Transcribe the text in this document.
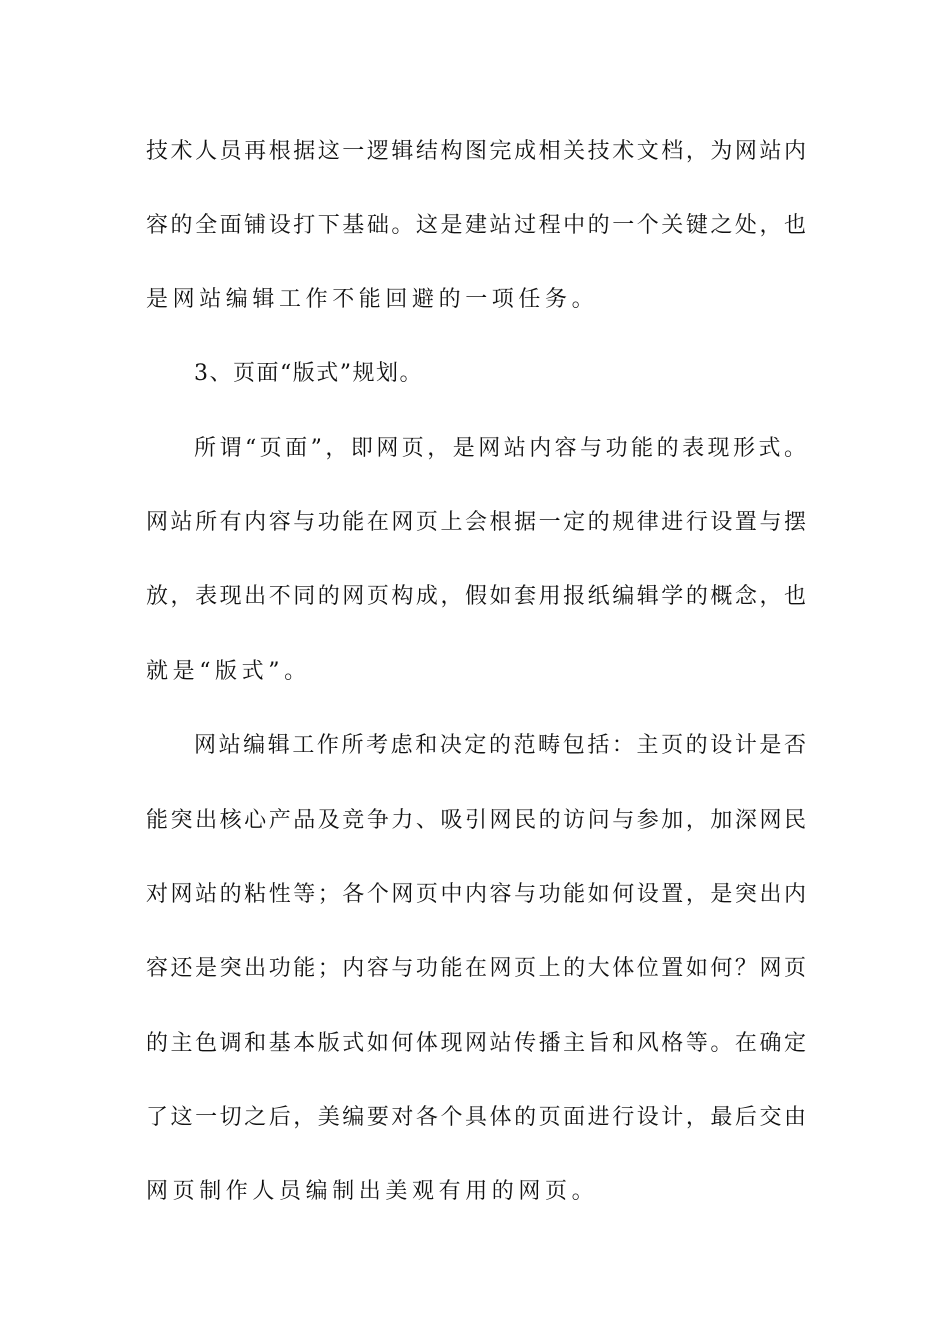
技术人员再根据这一逻辑结构图完成相关技术文档，为网站内
容的全面铺设打下基础。这是建站过程中的一个关键之处，也
是网站编辑工作不能回避的一项任务。
3、页面“版式”规划。
所谓“页面”，即网页，是网站内容与功能的表现形式。
网站所有内容与功能在网页上会根据一定的规律进行设置与摆
放，表现出不同的网页构成，假如套用报纸编辑学的概念，也
就是“版式”。
网站编辑工作所考虑和决定的范畴包括：主页的设计是否
能突出核心产品及竞争力、吸引网民的访问与参加，加深网民
对网站的粘性等；各个网页中内容与功能如何设置，是突出内
容还是突出功能；内容与功能在网页上的大体位置如何？网页
的主色调和基本版式如何体现网站传播主旨和风格等。在确定
了这一切之后，美编要对各个具体的页面进行设计，最后交由
网页制作人员编制出美观有用的网页。
